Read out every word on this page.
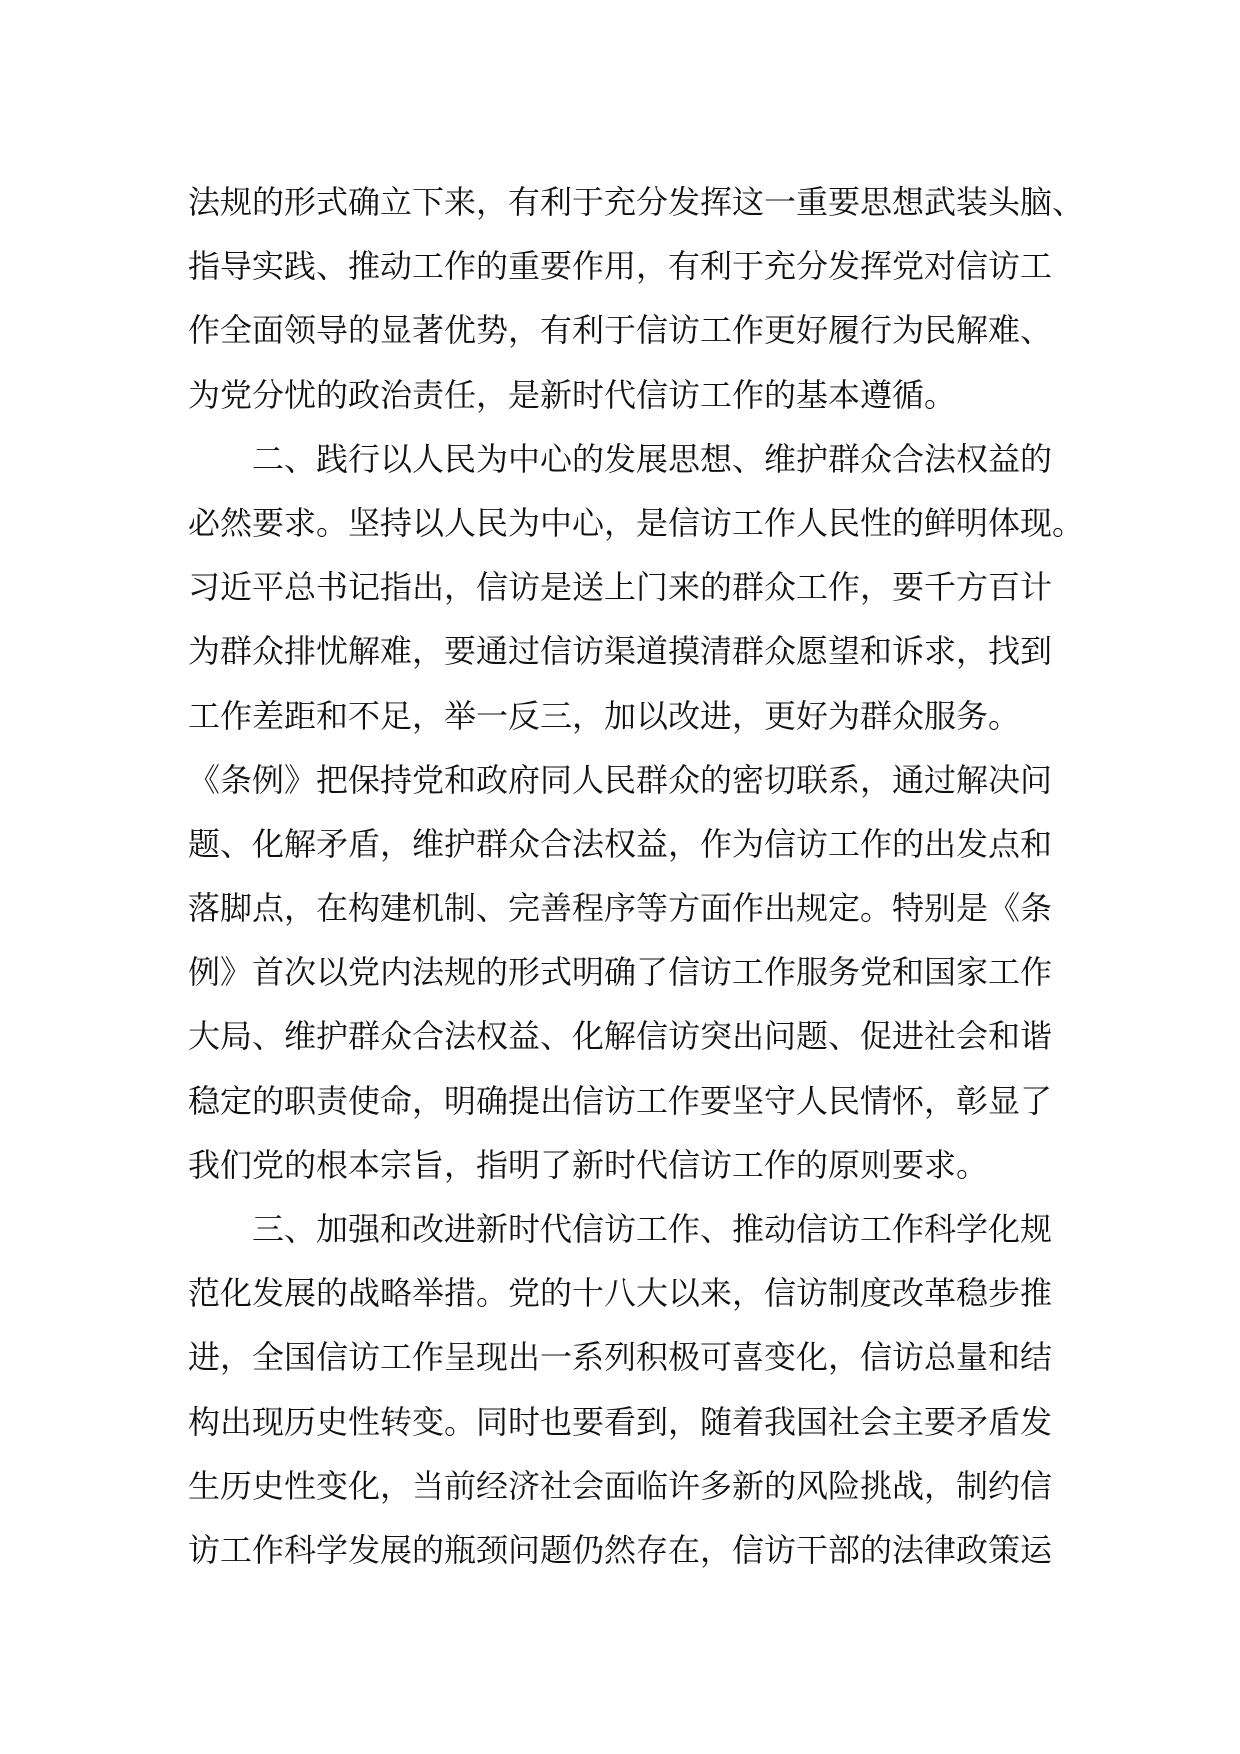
法规的形式确立下来，有利于充分发挥这一重要思想武装头脑、
指导实践、推动工作的重要作用，有利于充分发挥党对信访工
作全面领导的显著优势，有利于信访工作更好履行为民解难、
为党分忧的政治责任，是新时代信访工作的基本遵循。
二、践行以人民为中心的发展思想、维护群众合法权益的
必然要求。坚持以人民为中心，是信访工作人民性的鲜明体现。
习近平总书记指出，信访是送上门来的群众工作，要千方百计
为群众排忧解难，要通过信访渠道摸清群众愿望和诉求，找到
工作差距和不足，举一反三，加以改进，更好为群众服务。
《条例》把保持党和政府同人民群众的密切联系，通过解决问
题、化解矛盾，维护群众合法权益，作为信访工作的出发点和
落脚点，在构建机制、完善程序等方面作出规定。特别是《条
例》首次以党内法规的形式明确了信访工作服务党和国家工作
大局、维护群众合法权益、化解信访突出问题、促进社会和谐
稳定的职责使命，明确提出信访工作要坚守人民情怀，彰显了
我们党的根本宗旨，指明了新时代信访工作的原则要求。
三、加强和改进新时代信访工作、推动信访工作科学化规
范化发展的战略举措。党的十八大以来，信访制度改革稳步推
进，全国信访工作呈现出一系列积极可喜变化，信访总量和结
构出现历史性转变。同时也要看到，随着我国社会主要矛盾发
生历史性变化，当前经济社会面临许多新的风险挑战，制约信
访工作科学发展的瓶颈问题仍然存在，信访干部的法律政策运
